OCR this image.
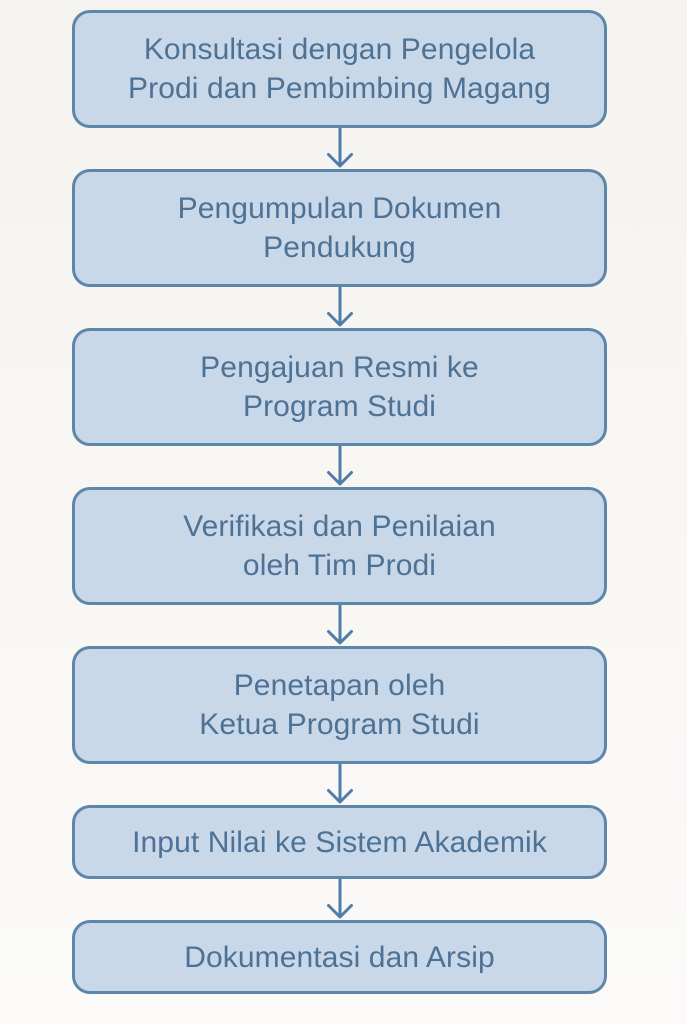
Konsultasi dengan Pengelola
Prodi dan Pembimbing Magang
Pengumpulan Dokumen
Pendukung
Pengajuan Resmi ke
Program Studi
Verifikasi dan Penilaian
oleh Tim Prodi
Penetapan oleh
Ketua Program Studi
Input Nilai ke Sistem Akademik
Dokumentasi dan Arsip
